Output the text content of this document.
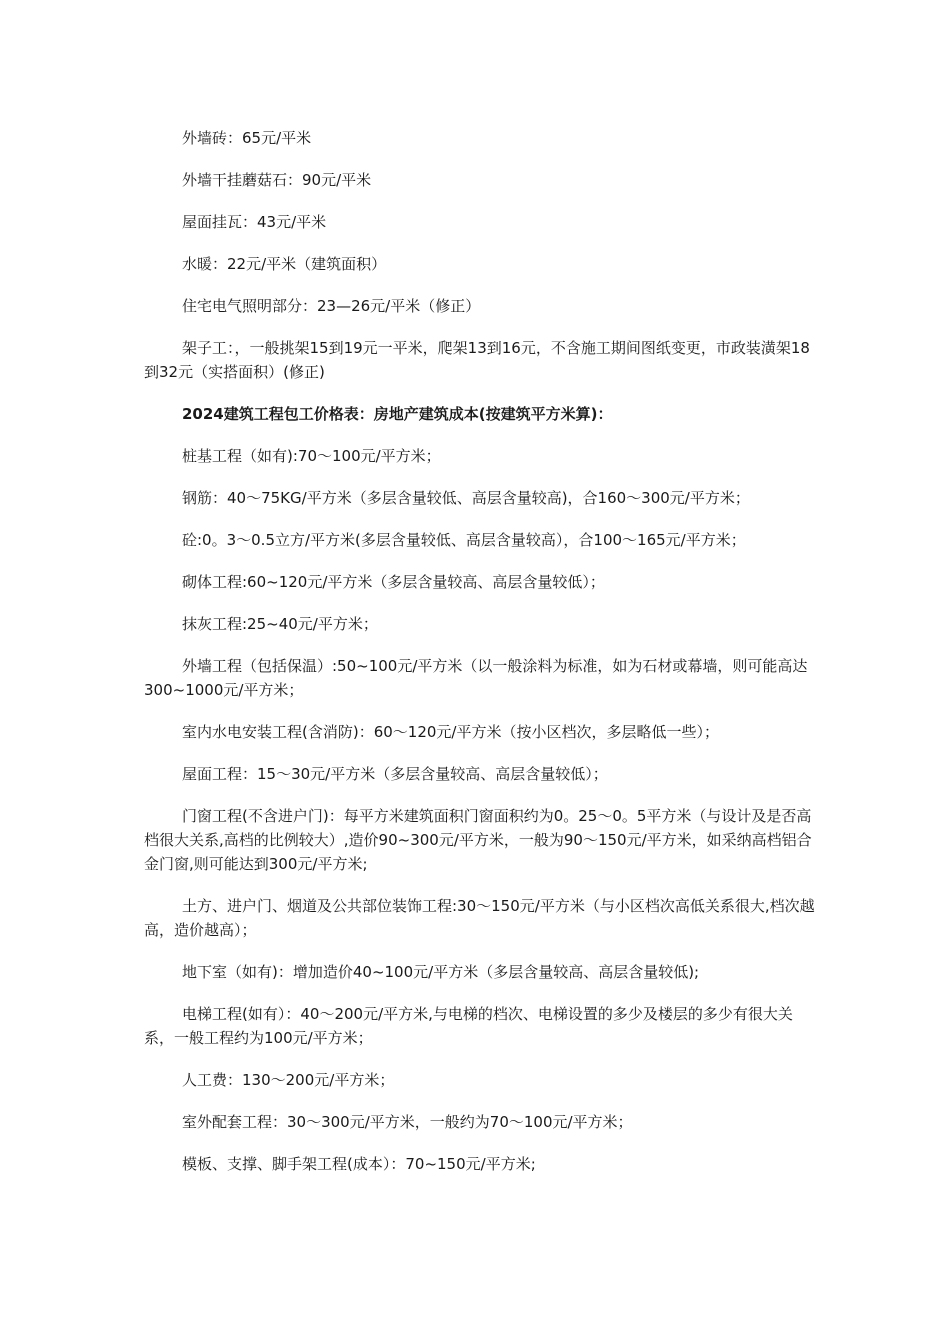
外墙砖：65元/平米

外墙干挂蘑菇石：90元/平米

屋面挂瓦：43元/平米

水暖：22元/平米（建筑面积）

住宅电气照明部分：23—26元/平米（修正）

架子工：，一般挑架15到19元一平米，爬架13到16元，不含施工期间图纸变更，市政装潢架18到32元（实搭面积）(修正)

2024建筑工程包工价格表：房地产建筑成本(按建筑平方米算)：

桩基工程（如有):70～100元/平方米；

钢筋：40～75KG/平方米（多层含量较低、高层含量较高)，合160～300元/平方米；

砼:0。3～0.5立方/平方米(多层含量较低、高层含量较高），合100～165元/平方米；

砌体工程:60~120元/平方米（多层含量较高、高层含量较低）；

抹灰工程:25~40元/平方米；

外墙工程（包括保温）:50~100元/平方米（以一般涂料为标准，如为石材或幕墙，则可能高达300~1000元/平方米；

室内水电安装工程(含消防)：60～120元/平方米（按小区档次，多层略低一些）；

屋面工程：15～30元/平方米（多层含量较高、高层含量较低）；

门窗工程(不含进户门)：每平方米建筑面积门窗面积约为0。25～0。5平方米（与设计及是否高档很大关系,高档的比例较大）,造价90~300元/平方米，一般为90～150元/平方米，如采纳高档铝合金门窗,则可能达到300元/平方米;

土方、进户门、烟道及公共部位装饰工程:30～150元/平方米（与小区档次高低关系很大,档次越高，造价越高）；

地下室（如有)：增加造价40~100元/平方米（多层含量较高、高层含量较低);

电梯工程(如有）：40～200元/平方米,与电梯的档次、电梯设置的多少及楼层的多少有很大关系，一般工程约为100元/平方米；

人工费：130～200元/平方米；

室外配套工程：30～300元/平方米，一般约为70～100元/平方米；

模板、支撑、脚手架工程(成本）：70~150元/平方米;
